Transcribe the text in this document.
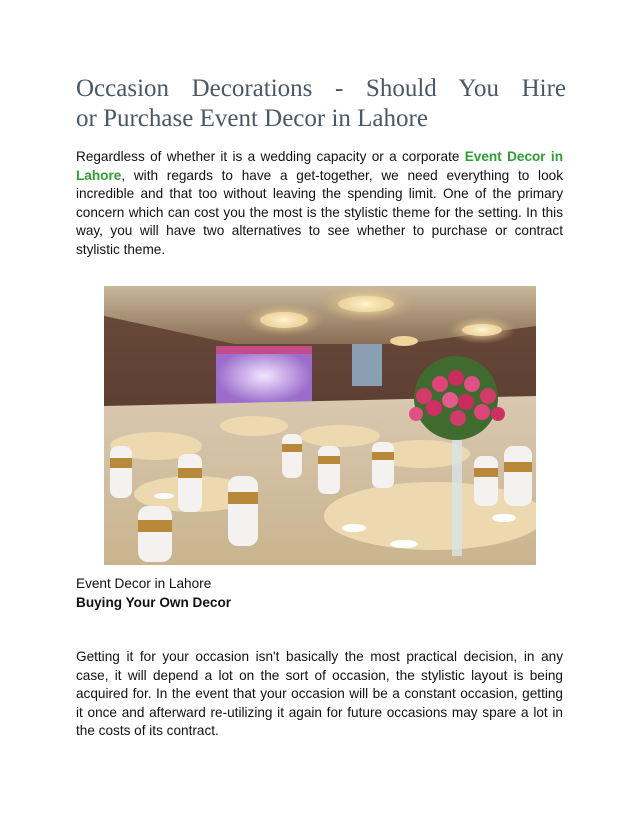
Occasion Decorations - Should You Hire
or Purchase Event Decor in Lahore

Regardless of whether it is a wedding capacity or a corporate Event Decor in Lahore, with regards to have a get-together, we need everything to look incredible and that too without leaving the spending limit. One of the primary concern which can cost you the most is the stylistic theme for the setting. In this way, you will have two alternatives to see whether to purchase or contract stylistic theme.

Event Decor in Lahore
Buying Your Own Decor

Getting it for your occasion isn't basically the most practical decision, in any case, it will depend a lot on the sort of occasion, the stylistic layout is being acquired for. In the event that your occasion will be a constant occasion, getting it once and afterward re-utilizing it again for future occasions may spare a lot in the costs of its contract.
